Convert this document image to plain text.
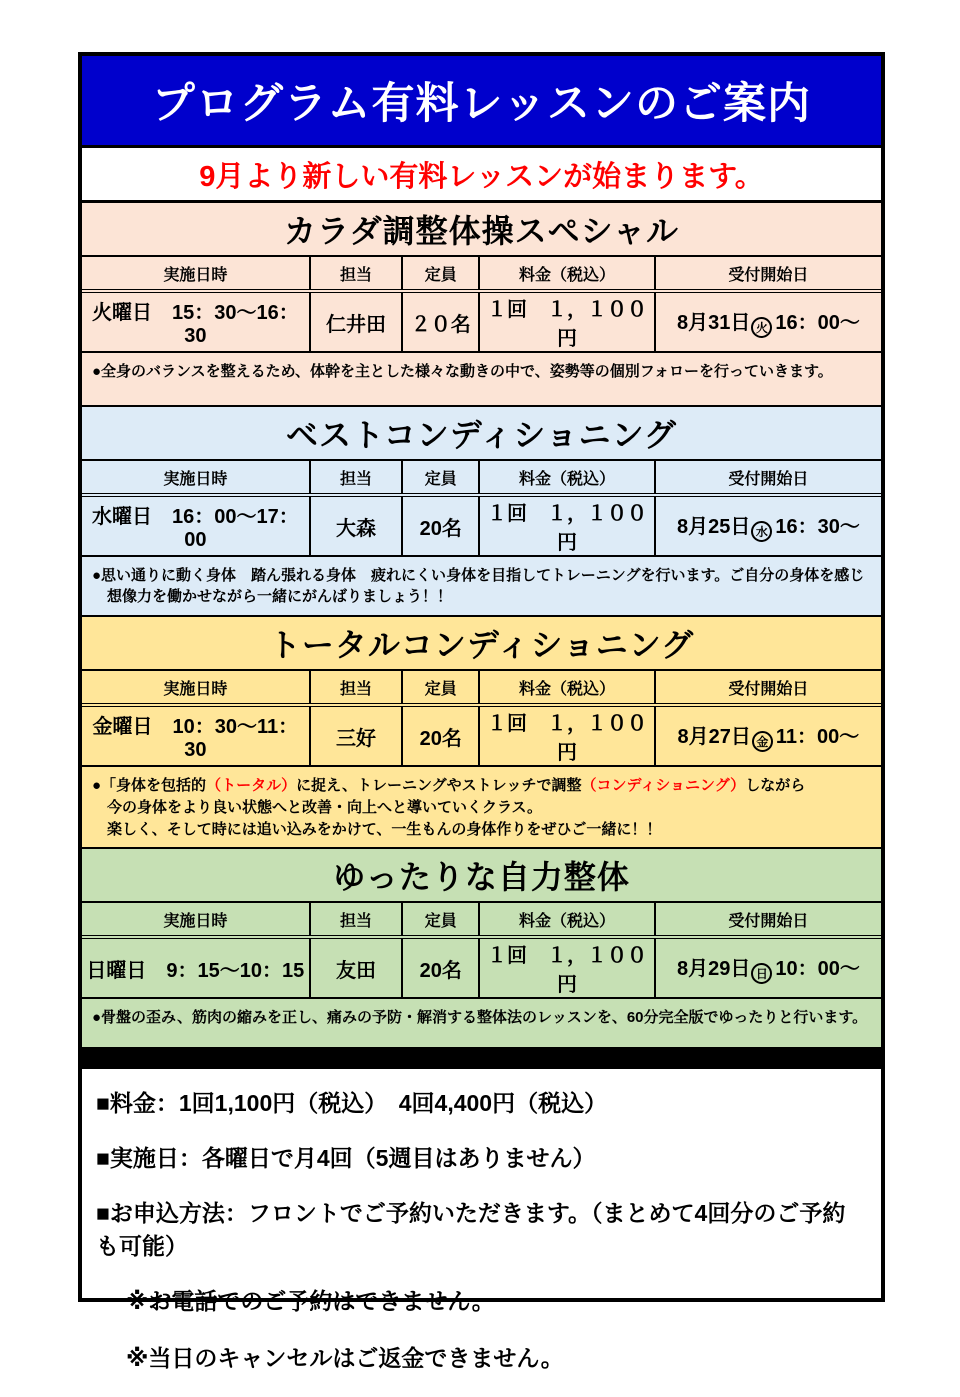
プログラム有料レッスンのご案内
9月より新しい有料レッスンが始まります。
カラダ調整体操スペシャル
実施日時	担当	定員	料金（税込）	受付開始日
火曜日　15：30～16：30	仁井田	２０名	１回　１，１００円	8月31日 火 16：00～
●全身のバランスを整えるため、体幹を主とした様々な動きの中で、姿勢等の個別フォローを行っていきます。
ベストコンディショニング
実施日時	担当	定員	料金（税込）	受付開始日
水曜日　16：00～17：00	大森	20名	１回　１，１００円	8月25日 水 16：30～
●思い通りに動く身体　踏ん張れる身体　疲れにくい身体を目指してトレーニングを行います。ご自分の身体を感じ
　想像力を働かせながら一緒にがんばりましょう！！
トータルコンディショニング
実施日時	担当	定員	料金（税込）	受付開始日
金曜日　10：30～11：30	三好	20名	１回　１，１００円	8月27日 金 11：00～
●「身体を包括的（トータル）に捉え、トレーニングやストレッチで調整（コンディショニング）しながら
　今の身体をより良い状態へと改善・向上へと導いていくクラス。
　楽しく、そして時には追い込みをかけて、一生もんの身体作りをぜひご一緒に！！
ゆったりな自力整体
実施日時	担当	定員	料金（税込）	受付開始日
日曜日　9：15～10：15	友田	20名	１回　１，１００円	8月29日 日 10：00～
●骨盤の歪み、筋肉の縮みを正し、痛みの予防・解消する整体法のレッスンを、60分完全版でゆったりと行います。
■料金：1回1,100円（税込）　4回4,400円（税込）
■実施日：各曜日で月4回（5週目はありません）
■お申込方法：フロントでご予約いただきます。（まとめて4回分のご予約も可能）
※お電話でのご予約はできません。
※当日のキャンセルはご返金できません。
